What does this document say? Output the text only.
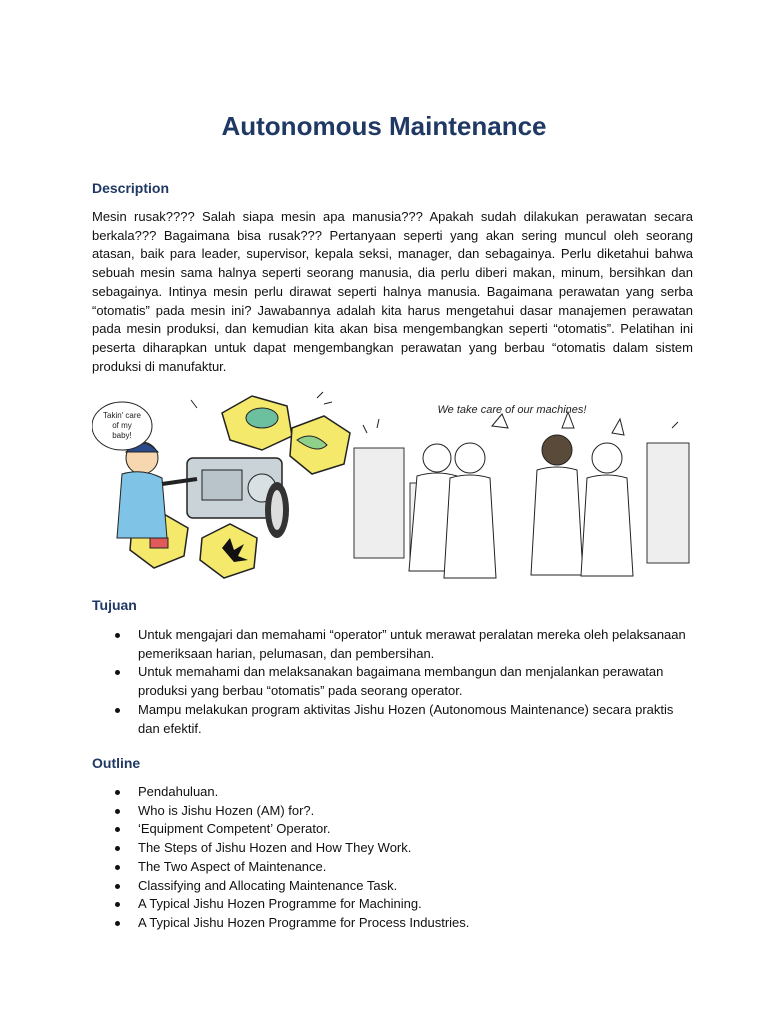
Autonomous Maintenance
Description

Mesin rusak???? Salah siapa mesin apa manusia??? Apakah sudah dilakukan perawatan secara berkala??? Bagaimana bisa rusak??? Pertanyaan seperti yang akan sering muncul oleh seorang atasan, baik para leader, supervisor, kepala seksi, manager, dan sebagainya. Perlu diketahui bahwa sebuah mesin sama halnya seperti seorang manusia, dia perlu diberi makan, minum, bersihkan dan sebagainya. Intinya mesin perlu dirawat seperti halnya manusia. Bagaimana perawatan yang serba “otomatis” pada mesin ini? Jawabannya adalah kita harus mengetahui dasar manajemen perawatan pada mesin produksi, dan kemudian kita akan bisa mengembangkan seperti “otomatis”. Pelatihan ini peserta diharapkan untuk dapat mengembangkan perawatan yang berbau “otomatis dalam sistem produksi di manufaktur.

Takin' care
of my
baby!
We take care of our machines!
Tujuan
Untuk mengajari dan memahami “operator” untuk merawat peralatan mereka oleh pelaksanaan pemeriksaan harian, pelumasan, dan pembersihan.
Untuk memahami dan melaksanakan bagaimana membangun dan menjalankan perawatan produksi yang berbau “otomatis” pada seorang operator.
Mampu melakukan program aktivitas Jishu Hozen (Autonomous Maintenance) secara praktis dan efektif.
Outline
Pendahuluan.
Who is Jishu Hozen (AM) for?.
‘Equipment Competent’ Operator.
The Steps of Jishu Hozen and How They Work.
The Two Aspect of Maintenance.
Classifying and Allocating Maintenance Task.
A Typical Jishu Hozen Programme for Machining.
A Typical Jishu Hozen Programme for Process Industries.
